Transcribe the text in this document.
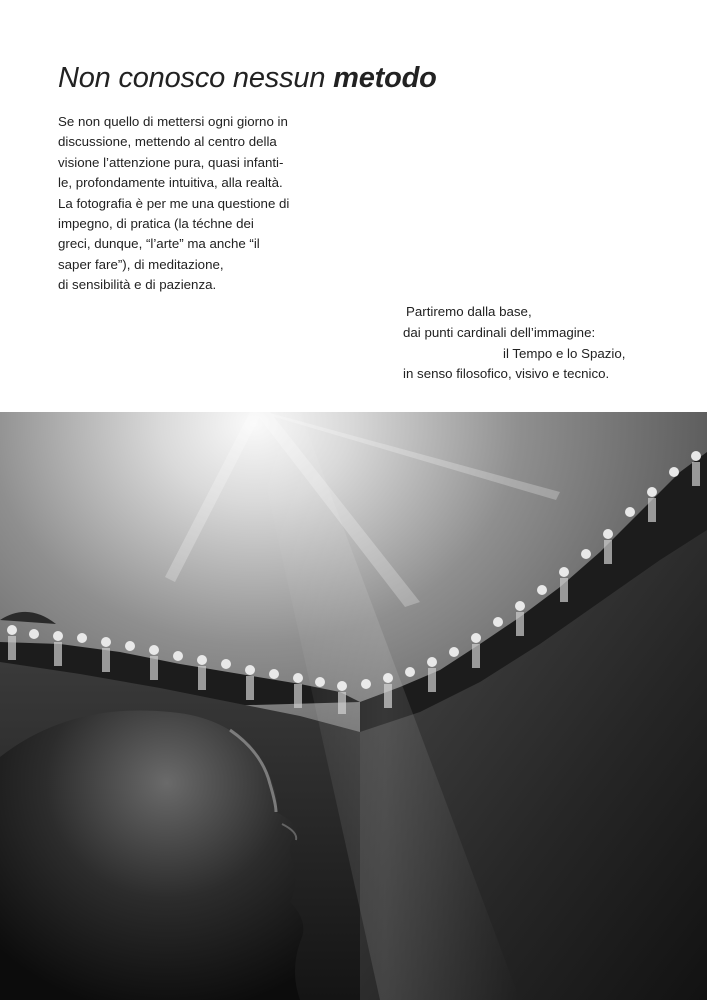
Non conosco nessun metodo
Se non quello di mettersi ogni giorno in
discussione, mettendo al centro della
visione l’attenzione pura, quasi infanti-
le, profondamente intuitiva, alla realtà.
La fotografia è per me una questione di
impegno, di pratica (la téchne dei
greci, dunque, “l’arte” ma anche “il
saper fare”), di meditazione,
di sensibilità e di pazienza.
Partiremo dalla base,
dai punti cardinali dell’immagine:
il Tempo e lo Spazio,
in senso filosofico, visivo e tecnico.
